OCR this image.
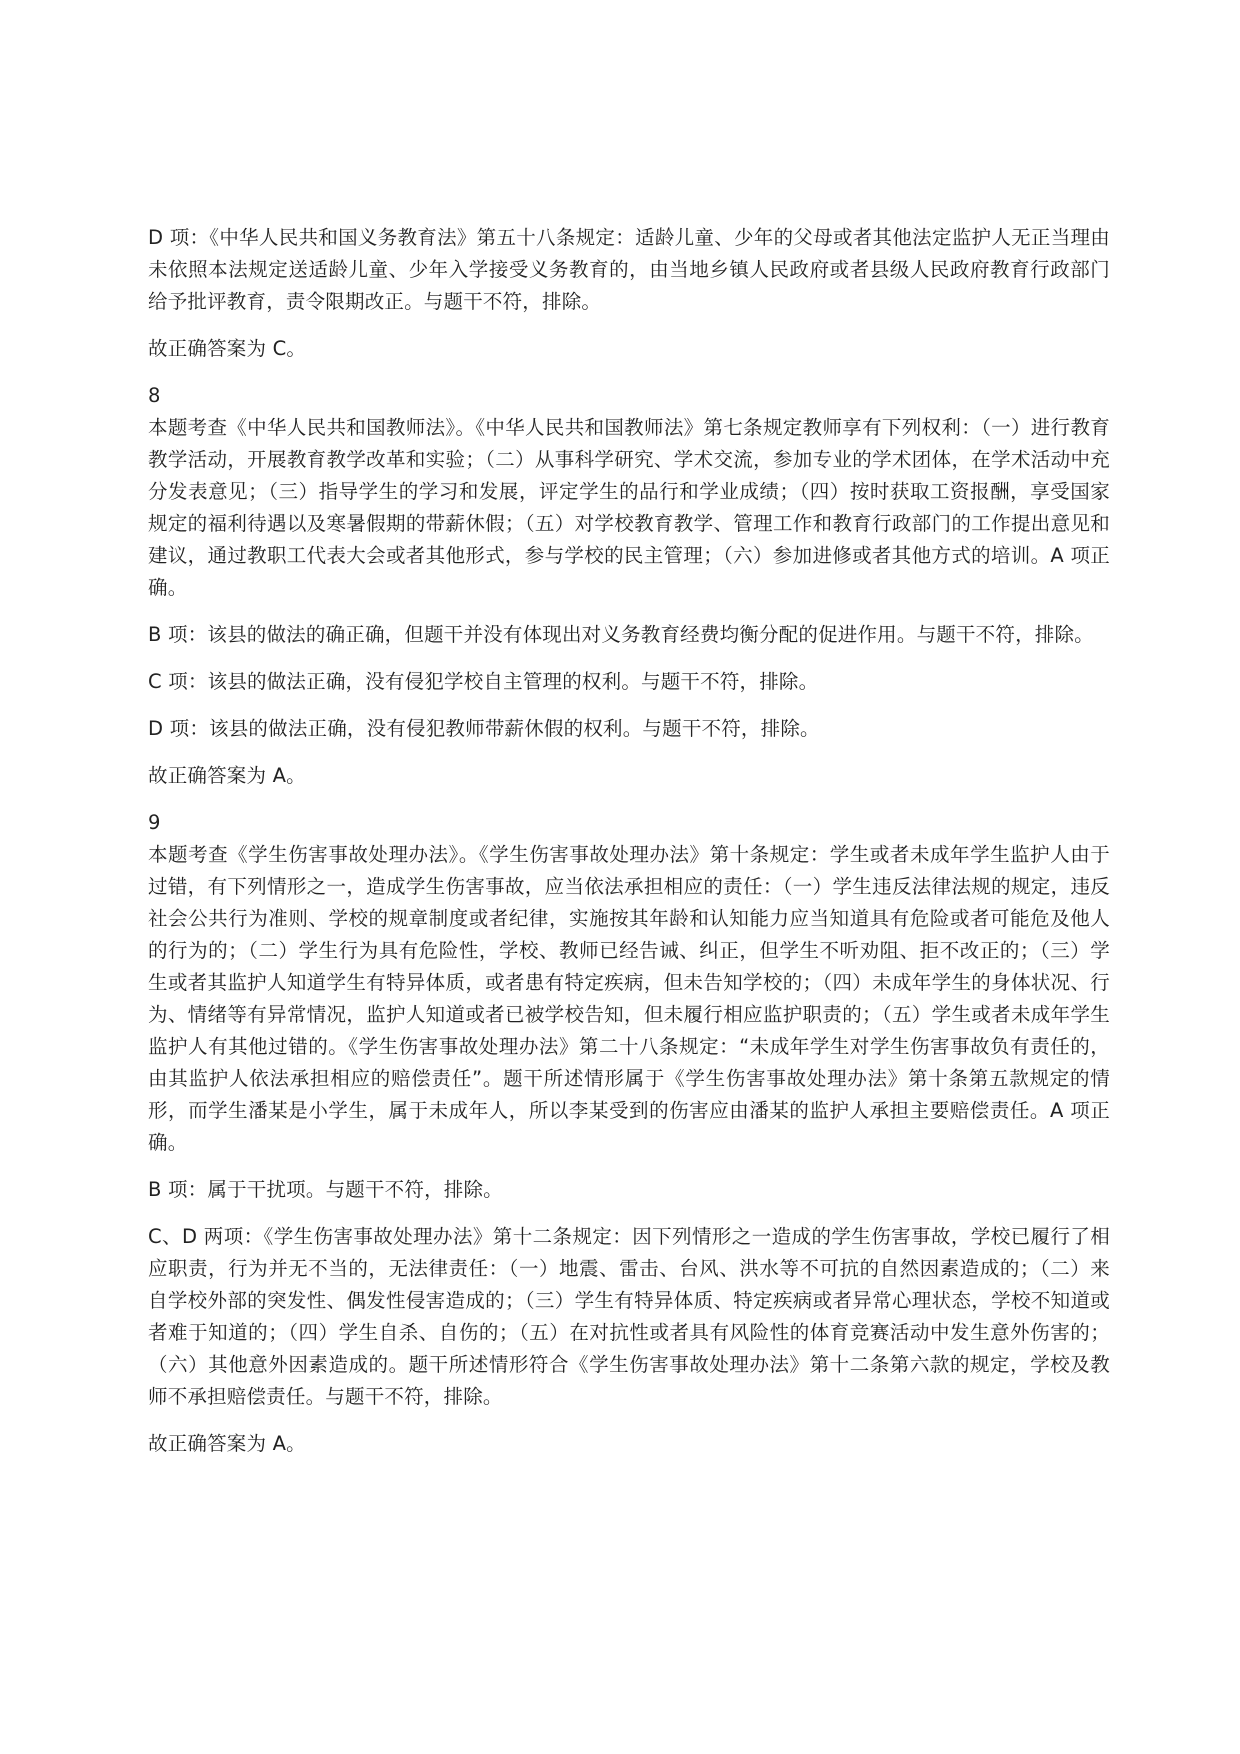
D 项：《中华人民共和国义务教育法》第五十八条规定：适龄儿童、少年的父母或者其他法定监护人无正当理由未依照本法规定送适龄儿童、少年入学接受义务教育的，由当地乡镇人民政府或者县级人民政府教育行政部门给予批评教育，责令限期改正。与题干不符，排除。

故正确答案为 C。

8

本题考查《中华人民共和国教师法》。《中华人民共和国教师法》第七条规定教师享有下列权利：（一）进行教育教学活动，开展教育教学改革和实验；（二）从事科学研究、学术交流，参加专业的学术团体，在学术活动中充分发表意见；（三）指导学生的学习和发展，评定学生的品行和学业成绩；（四）按时获取工资报酬，享受国家规定的福利待遇以及寒暑假期的带薪休假；（五）对学校教育教学、管理工作和教育行政部门的工作提出意见和建议，通过教职工代表大会或者其他形式，参与学校的民主管理；（六）参加进修或者其他方式的培训。A 项正确。

B 项：该县的做法的确正确，但题干并没有体现出对义务教育经费均衡分配的促进作用。与题干不符，排除。

C 项：该县的做法正确，没有侵犯学校自主管理的权利。与题干不符，排除。

D 项：该县的做法正确，没有侵犯教师带薪休假的权利。与题干不符，排除。

故正确答案为 A。

9

本题考查《学生伤害事故处理办法》。《学生伤害事故处理办法》第十条规定：学生或者未成年学生监护人由于过错，有下列情形之一，造成学生伤害事故，应当依法承担相应的责任：（一）学生违反法律法规的规定，违反社会公共行为准则、学校的规章制度或者纪律，实施按其年龄和认知能力应当知道具有危险或者可能危及他人的行为的；（二）学生行为具有危险性，学校、教师已经告诫、纠正，但学生不听劝阻、拒不改正的；（三）学生或者其监护人知道学生有特异体质，或者患有特定疾病，但未告知学校的；（四）未成年学生的身体状况、行为、情绪等有异常情况，监护人知道或者已被学校告知，但未履行相应监护职责的；（五）学生或者未成年学生监护人有其他过错的。《学生伤害事故处理办法》第二十八条规定：“未成年学生对学生伤害事故负有责任的，由其监护人依法承担相应的赔偿责任”。题干所述情形属于《学生伤害事故处理办法》第十条第五款规定的情形，而学生潘某是小学生，属于未成年人，所以李某受到的伤害应由潘某的监护人承担主要赔偿责任。A 项正确。

B 项：属于干扰项。与题干不符，排除。

C、D 两项：《学生伤害事故处理办法》第十二条规定：因下列情形之一造成的学生伤害事故，学校已履行了相应职责，行为并无不当的，无法律责任：（一）地震、雷击、台风、洪水等不可抗的自然因素造成的；（二）来自学校外部的突发性、偶发性侵害造成的；（三）学生有特异体质、特定疾病或者异常心理状态，学校不知道或者难于知道的；（四）学生自杀、自伤的；（五）在对抗性或者具有风险性的体育竞赛活动中发生意外伤害的；（六）其他意外因素造成的。题干所述情形符合《学生伤害事故处理办法》第十二条第六款的规定，学校及教师不承担赔偿责任。与题干不符，排除。

故正确答案为 A。
